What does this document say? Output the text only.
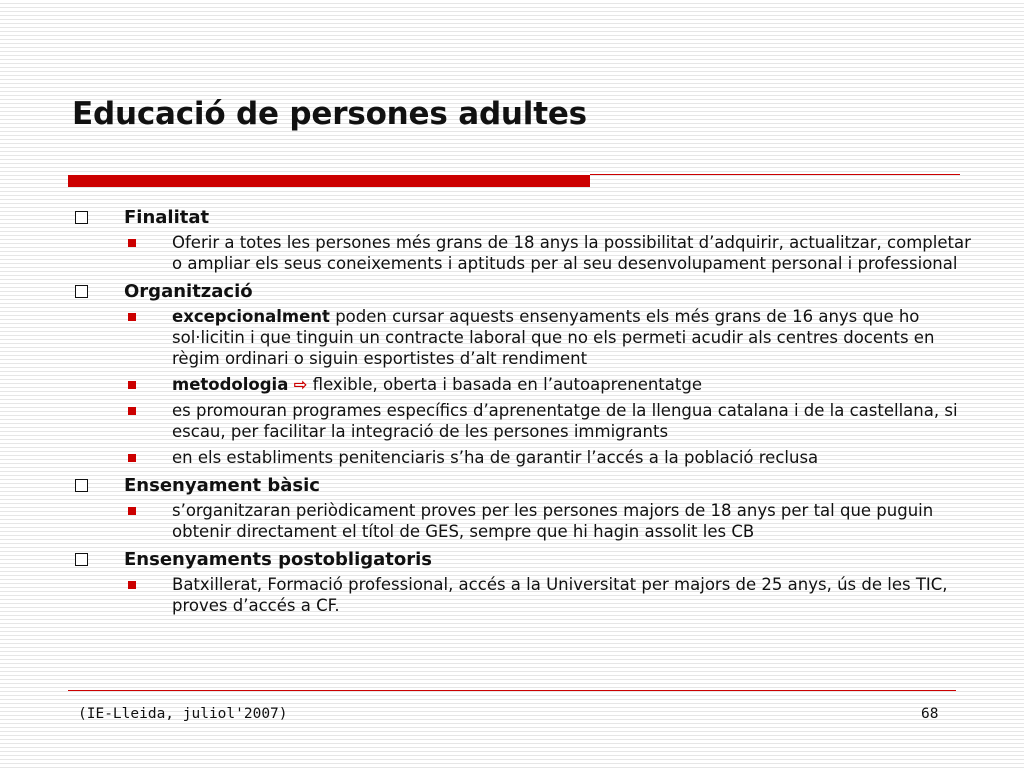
Educació de persones adultes
Finalitat
Oferir a totes les persones més grans de 18 anys la possibilitat d’adquirir, actualitzar, completar o ampliar els seus coneixements i aptituds per al seu desenvolupament personal i professional
Organització
excepcionalment poden cursar aquests ensenyaments els més grans de 16 anys que ho sol·licitin i que tinguin un contracte laboral que no els permeti acudir als centres docents en règim ordinari o siguin esportistes d’alt rendiment
metodologia ⇨ flexible, oberta i basada en l’autoaprenentatge
es promouran programes específics d’aprenentatge de la llengua catalana i de la castellana, si escau, per facilitar la integració de les persones immigrants
en els establiments penitenciaris s’ha de garantir l’accés a la població reclusa
Ensenyament bàsic
s’organitzaran periòdicament proves per les persones majors de 18 anys per tal que puguin obtenir directament el títol de GES, sempre que hi hagin assolit les CB
Ensenyaments postobligatoris
Batxillerat, Formació professional, accés a la Universitat per majors de 25 anys, ús de les TIC, proves d’accés a CF.
(IE-Lleida, juliol'2007)	68
